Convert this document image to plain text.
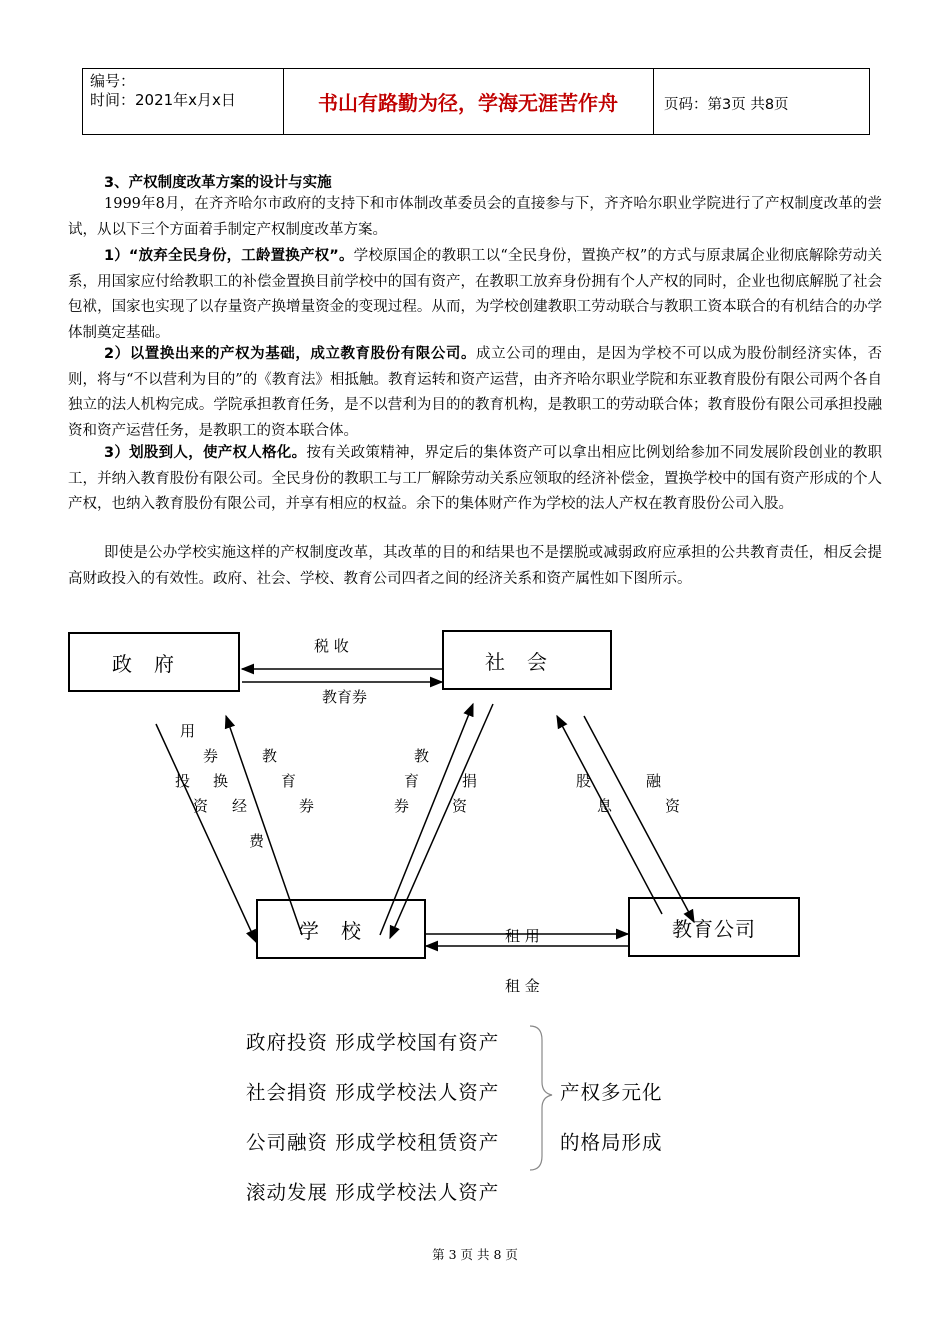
编号：
时间：2021年x月x日	书山有路勤为径，学海无涯苦作舟	页码：第3页 共8页
3、产权制度改革方案的设计与实施
1999年8月，在齐齐哈尔市政府的支持下和市体制改革委员会的直接参与下，齐齐哈尔职业学院进行了产权制度改革的尝试，从以下三个方面着手制定产权制度改革方案。
1）“放弃全民身份，工龄置换产权”。学校原国企的教职工以“全民身份，置换产权”的方式与原隶属企业彻底解除劳动关系，用国家应付给教职工的补偿金置换目前学校中的国有资产，在教职工放弃身份拥有个人产权的同时，企业也彻底解脱了社会包袱，国家也实现了以存量资产换增量资金的变现过程。从而，为学校创建教职工劳动联合与教职工资本联合的有机结合的办学体制奠定基础。
2）以置换出来的产权为基础，成立教育股份有限公司。成立公司的理由，是因为学校不可以成为股份制经济实体，否则，将与“不以营利为目的”的《教育法》相抵触。教育运转和资产运营，由齐齐哈尔职业学院和东亚教育股份有限公司两个各自独立的法人机构完成。学院承担教育任务，是不以营利为目的的教育机构，是教职工的劳动联合体；教育股份有限公司承担投融资和资产运营任务，是教职工的资本联合体。
3）划股到人，使产权人格化。按有关政策精神，界定后的集体资产可以拿出相应比例划给参加不同发展阶段创业的教职工，并纳入教育股份有限公司。全民身份的教职工与工厂解除劳动关系应领取的经济补偿金，置换学校中的国有资产形成的个人产权，也纳入教育股份有限公司，并享有相应的权益。余下的集体财产作为学校的法人产权在教育股份公司入股。
即使是公办学校实施这样的产权制度改革，其改革的目的和结果也不是摆脱或减弱政府应承担的公共教育责任，相反会提高财政投入的有效性。政府、社会、学校、教育公司四者之间的经济关系和资产属性如下图所示。
政府	社会
学校	教育公司
税 收
教育券
用
券	教	教
投 换	育	育	捐	股	融
资 经	券	券	资	息	资
费
租 用
租 金
政府投资 形成学校国有资产
社会捐资 形成学校法人资产
公司融资 形成学校租赁资产
滚动发展 形成学校法人资产
产权多元化
的格局形成
第 3 页 共 8 页
